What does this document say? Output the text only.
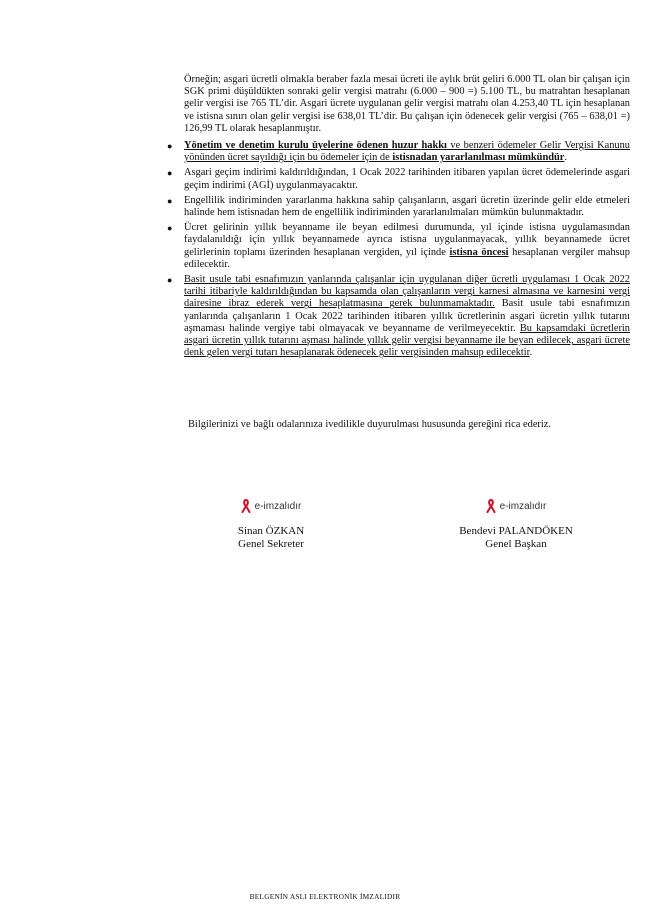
Örneğin; asgari ücretli olmakla beraber fazla mesai ücreti ile aylık brüt geliri 6.000 TL olan bir çalışan için SGK primi düşüldükten sonraki gelir vergisi matrahı (6.000 – 900 =) 5.100 TL, bu matrahtan hesaplanan gelir vergisi ise 765 TL’dir. Asgari ücrete uygulanan gelir vergisi matrahı olan 4.253,40 TL için hesaplanan ve istisna sınırı olan gelir vergisi ise 638,01 TL’dir. Bu çalışan için ödenecek gelir vergisi (765 – 638,01 =) 126,99 TL olarak hesaplanmıştır.

● Yönetim ve denetim kurulu üyelerine ödenen huzur hakkı ve benzeri ödemeler Gelir Vergisi Kanunu yönünden ücret sayıldığı için bu ödemeler için de istisnadan yararlanılması mümkündür.
● Asgari geçim indirimi kaldırıldığından, 1 Ocak 2022 tarihinden itibaren yapılan ücret ödemelerinde asgari geçim indirimi (AGİ) uygulanmayacaktır.
● Engellilik indiriminden yararlanma hakkına sahip çalışanların, asgari ücretin üzerinde gelir elde etmeleri halinde hem istisnadan hem de engellilik indiriminden yararlanılmaları mümkün bulunmaktadır.
● Ücret gelirinin yıllık beyanname ile beyan edilmesi durumunda, yıl içinde istisna uygulamasından faydalanıldığı için yıllık beyannamede ayrıca istisna uygulanmayacak, yıllık beyannamede ücret gelirlerinin toplamı üzerinden hesaplanan vergiden, yıl içinde istisna öncesi hesaplanan vergiler mahsup edilecektir.
● Basit usule tabi esnafımızın yanlarında çalışanlar için uygulanan diğer ücretli uygulaması 1 Ocak 2022 tarihi itibariyle kaldırıldığından bu kapsamda olan çalışanların vergi karnesi almasına ve karnesini vergi dairesine ibraz ederek vergi hesaplatmasına gerek bulunmamaktadır. Basit usule tabi esnafımızın yanlarında çalışanların 1 Ocak 2022 tarihinden itibaren yıllık ücretlerinin asgari ücretin yıllık tutarını aşmaması halinde vergiye tabi olmayacak ve beyanname de verilmeyecektir. Bu kapsamdaki ücretlerin asgari ücretin yıllık tutarını aşması halinde yıllık gelir vergisi beyanname ile beyan edilecek, asgari ücrete denk gelen vergi tutarı hesaplanarak ödenecek gelir vergisinden mahsup edilecektir.

Bilgilerinizi ve bağlı odalarınıza ivedilikle duyurulması hususunda gereğini rica ederiz.

e-imzalıdır
Sinan ÖZKAN
Genel Sekreter
e-imzalıdır
Bendevi PALANDÖKEN
Genel Başkan
BELGENİN ASLI ELEKTRONİK İMZALIDIR
